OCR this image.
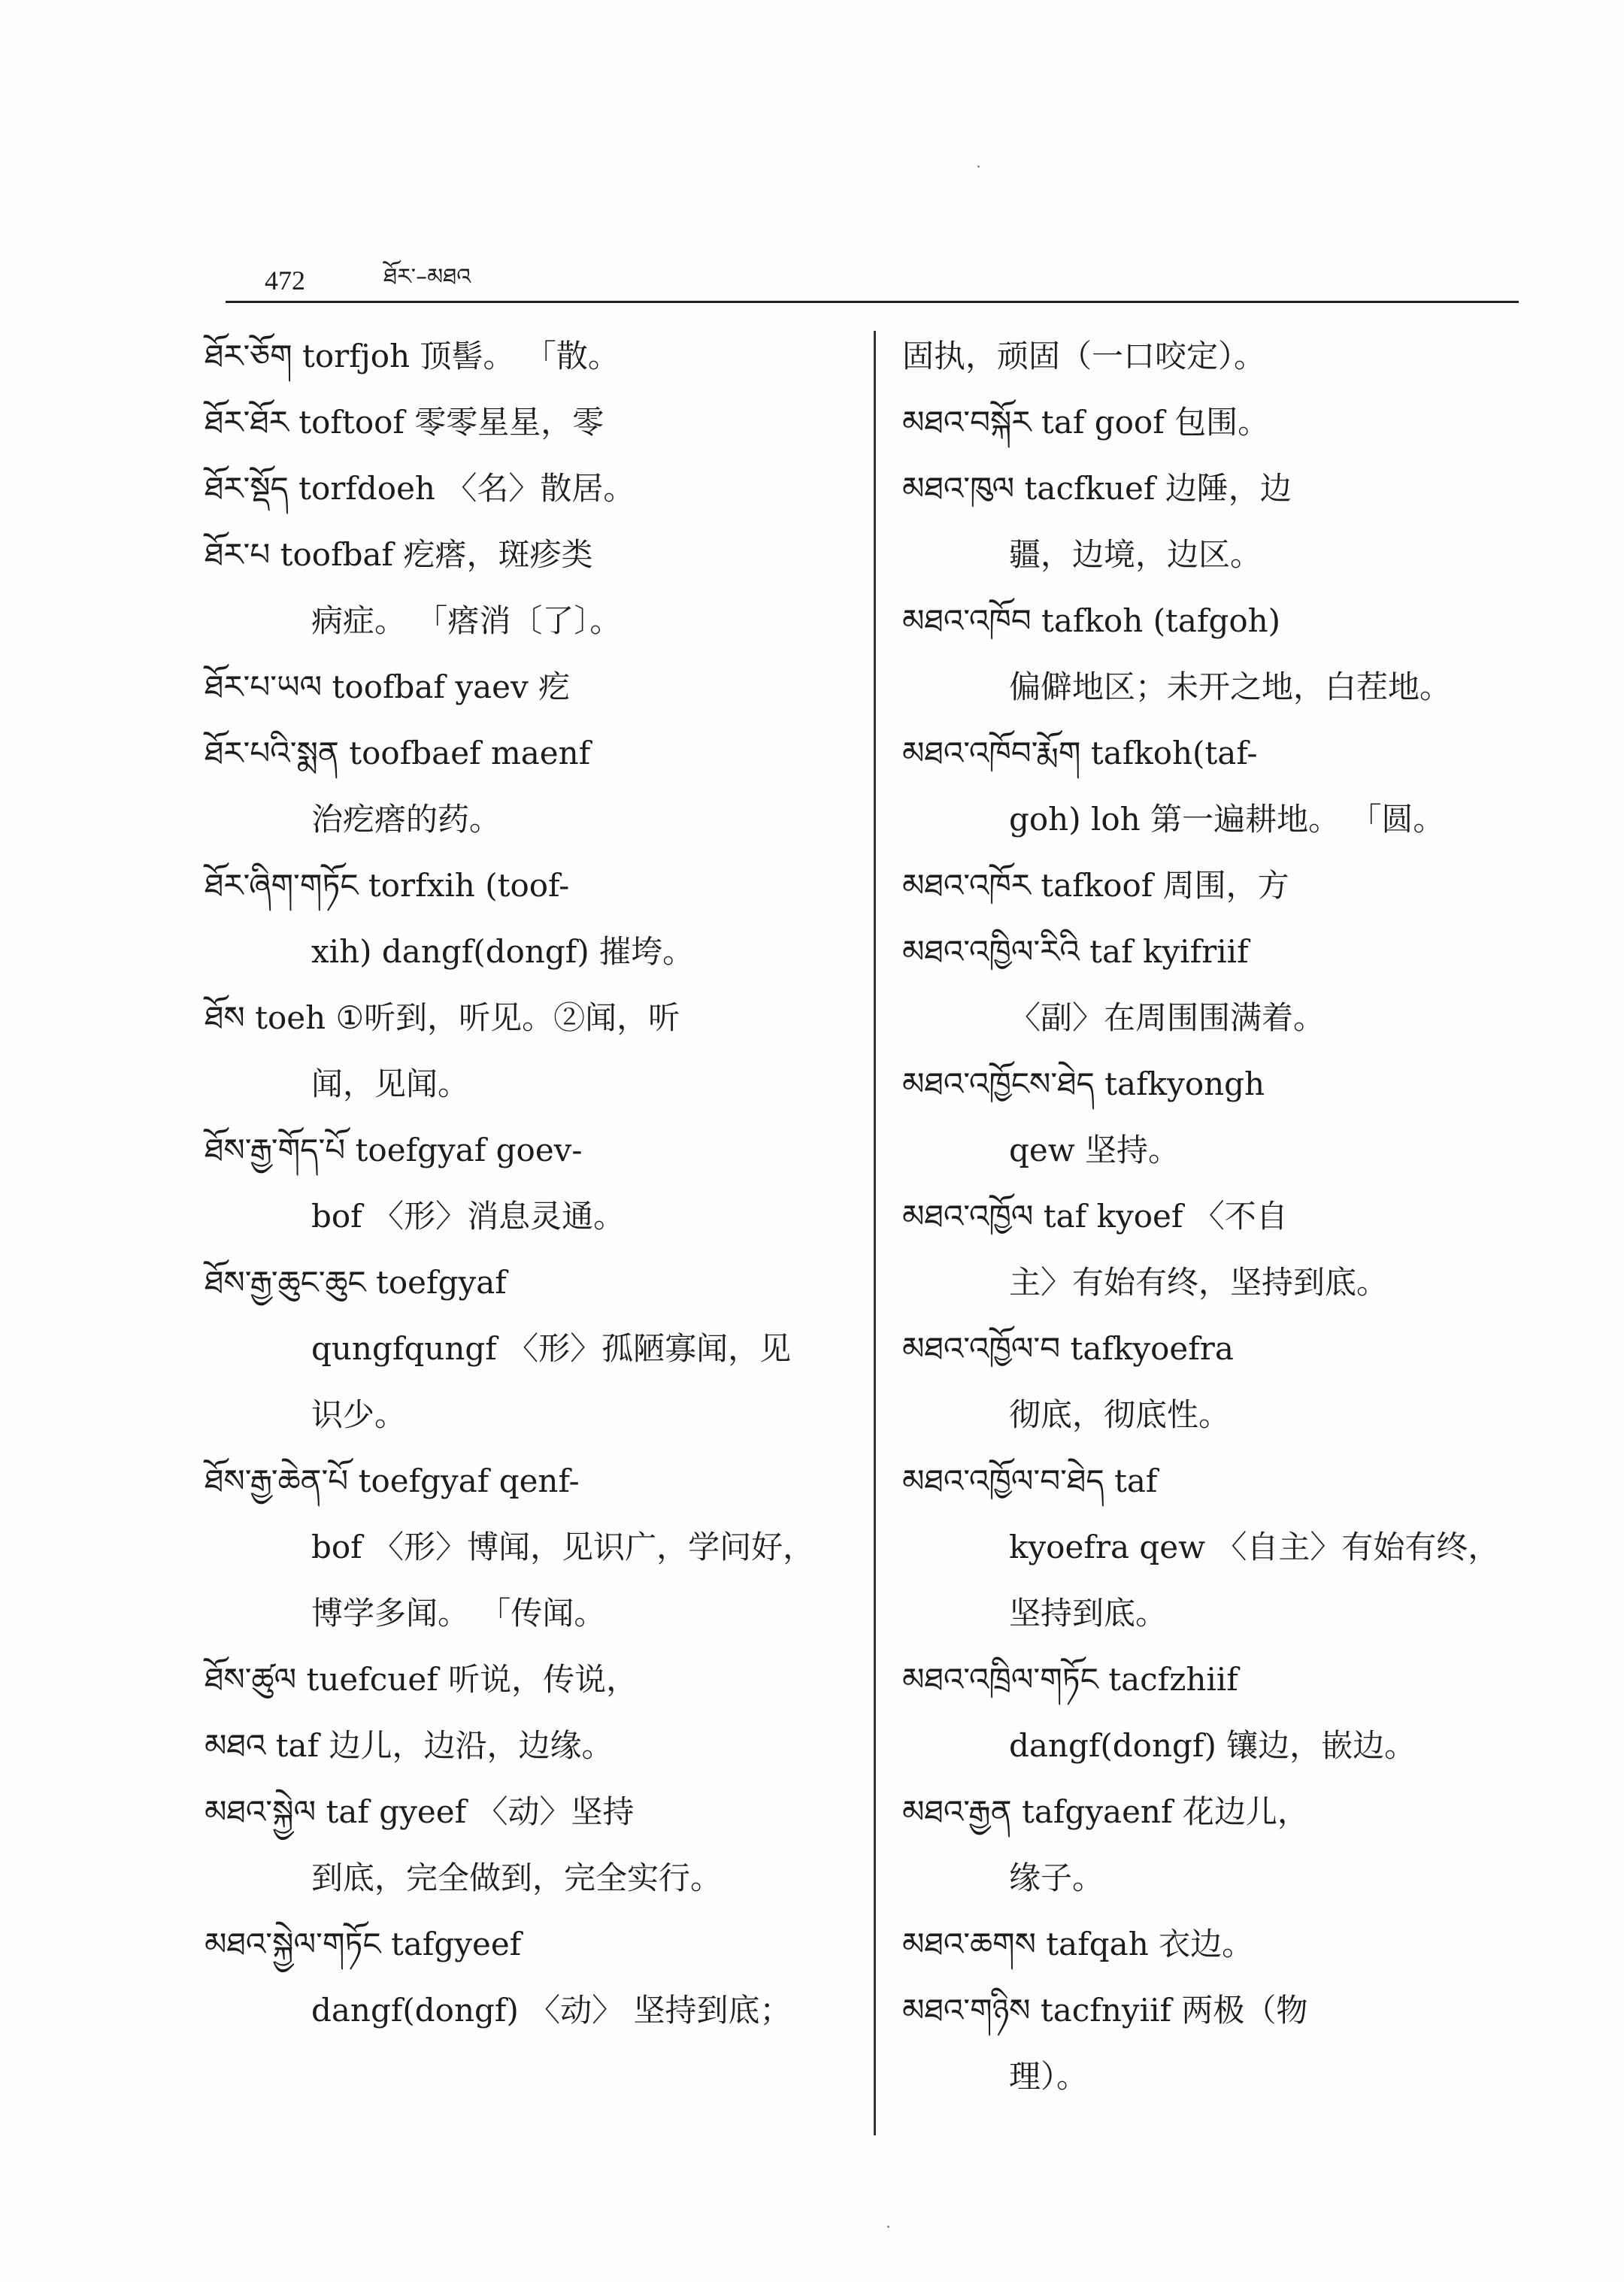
472	ཐོར་–མཐའ
ཐོར་ཅོག torfjoh 顶髻。 「散。
ཐོར་ཐོར toftoof 零零星星，零
ཐོར་སྡོད torfdoeh 〈名〉散居。
ཐོར་པ toofbaf 疙瘩，斑疹类
病症。 「瘩消〔了〕。
ཐོར་པ་ཡལ toofbaf yaev 疙
ཐོར་པའི་སྨན toofbaef maenf
治疙瘩的药。
ཐོར་ཞིག་གཏོང torfxih (toof-
xih) dangf(dongf) 摧垮。
ཐོས toeh ①听到，听见。②闻，听
闻，见闻。
ཐོས་རྒྱ་གོད་པོ toefgyaf goev-
bof 〈形〉消息灵通。
ཐོས་རྒྱ་ཆུང་ཆུང toefgyaf
qungfqungf 〈形〉孤陋寡闻，见
识少。
ཐོས་རྒྱ་ཆེན་པོ toefgyaf qenf-
bof 〈形〉博闻，见识广，学问好，
博学多闻。 「传闻。
ཐོས་ཚུལ tuefcuef 听说，传说，
མཐའ taf 边儿，边沿，边缘。
མཐའ་སྐྱེལ taf gyeef 〈动〉坚持
到底，完全做到，完全实行。
མཐའ་སྐྱེལ་གཏོང tafgyeef
dangf(dongf) 〈动〉 坚持到底；
固执，顽固（一口咬定）。
མཐའ་བསྐོར taf goof 包围。
མཐའ་ཁུལ tacfkuef 边陲，边
疆，边境，边区。
མཐའ་འཁོབ tafkoh (tafgoh)
偏僻地区；未开之地，白茬地。
མཐའ་འཁོབ་རྨོག tafkoh(taf-
goh) loh 第一遍耕地。 「圆。
མཐའ་འཁོར tafkoof 周围，方
མཐའ་འཁྱིལ་རིའི taf kyifriif
〈副〉在周围围满着。
མཐའ་འཁྱོངས་ཐེད tafkyongh
qew 坚持。
མཐའ་འཁྱོལ taf kyoef 〈不自
主〉有始有终，坚持到底。
མཐའ་འཁྱོལ་བ tafkyoefra
彻底，彻底性。
མཐའ་འཁྱོལ་བ་ཐེད taf
kyoefra qew 〈自主〉有始有终，
坚持到底。
མཐའ་འཁྲིལ་གཏོང tacfzhiif
dangf(dongf) 镶边，嵌边。
མཐའ་རྒྱན tafgyaenf 花边儿，
缘子。
མཐའ་ཆགས tafqah 衣边。
མཐའ་གཉིས tacfnyiif 两极（物
理）。
